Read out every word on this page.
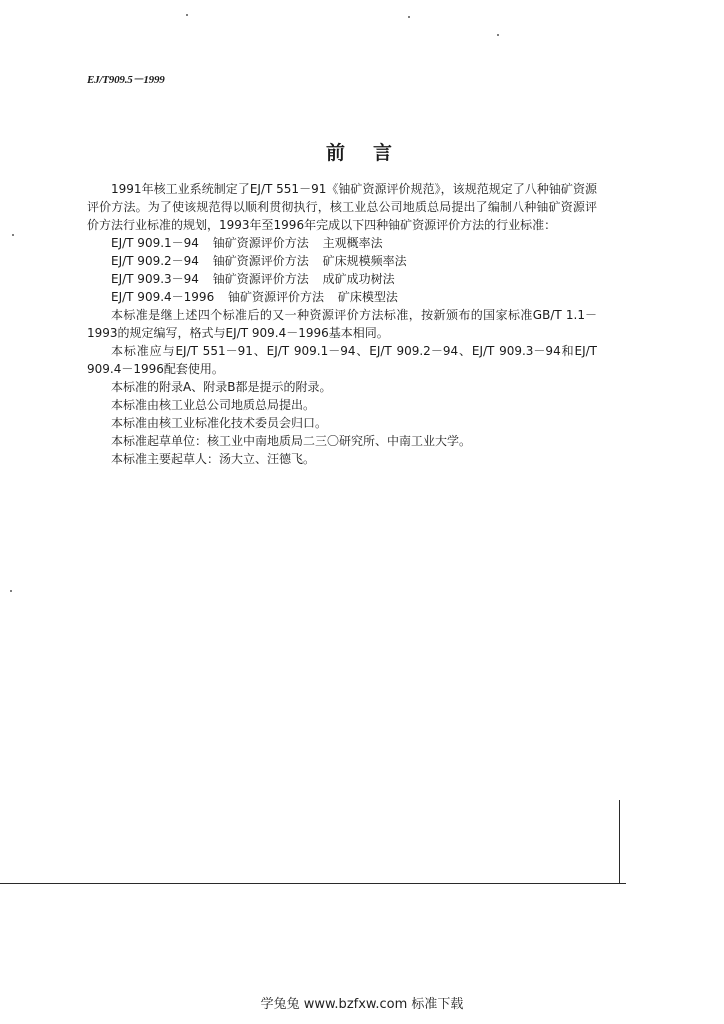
EJ/T909.5－1999
前言

1991年核工业系统制定了EJ/T 551－91《铀矿资源评价规范》，该规范规定了八种铀矿资源评价方法。为了使该规范得以顺利贯彻执行，核工业总公司地质总局提出了编制八种铀矿资源评价方法行业标准的规划，1993年至1996年完成以下四种铀矿资源评价方法的行业标准：

EJ/T 909.1－94 铀矿资源评价方法 主观概率法
EJ/T 909.2－94 铀矿资源评价方法 矿床规模频率法
EJ/T 909.3－94 铀矿资源评价方法 成矿成功树法
EJ/T 909.4－1996 铀矿资源评价方法 矿床模型法

本标准是继上述四个标准后的又一种资源评价方法标准，按新颁布的国家标准GB/T 1.1－1993的规定编写，格式与EJ/T 909.4－1996基本相同。

本标准应与EJ/T 551－91、EJ/T 909.1－94、EJ/T 909.2－94、EJ/T 909.3－94和EJ/T 909.4－1996配套使用。

本标准的附录A、附录B都是提示的附录。

本标准由核工业总公司地质总局提出。

本标准由核工业标准化技术委员会归口。

本标准起草单位：核工业中南地质局二三〇研究所、中南工业大学。

本标准主要起草人：汤大立、汪德飞。

学兔兔 www.bzfxw.com 标准下载
